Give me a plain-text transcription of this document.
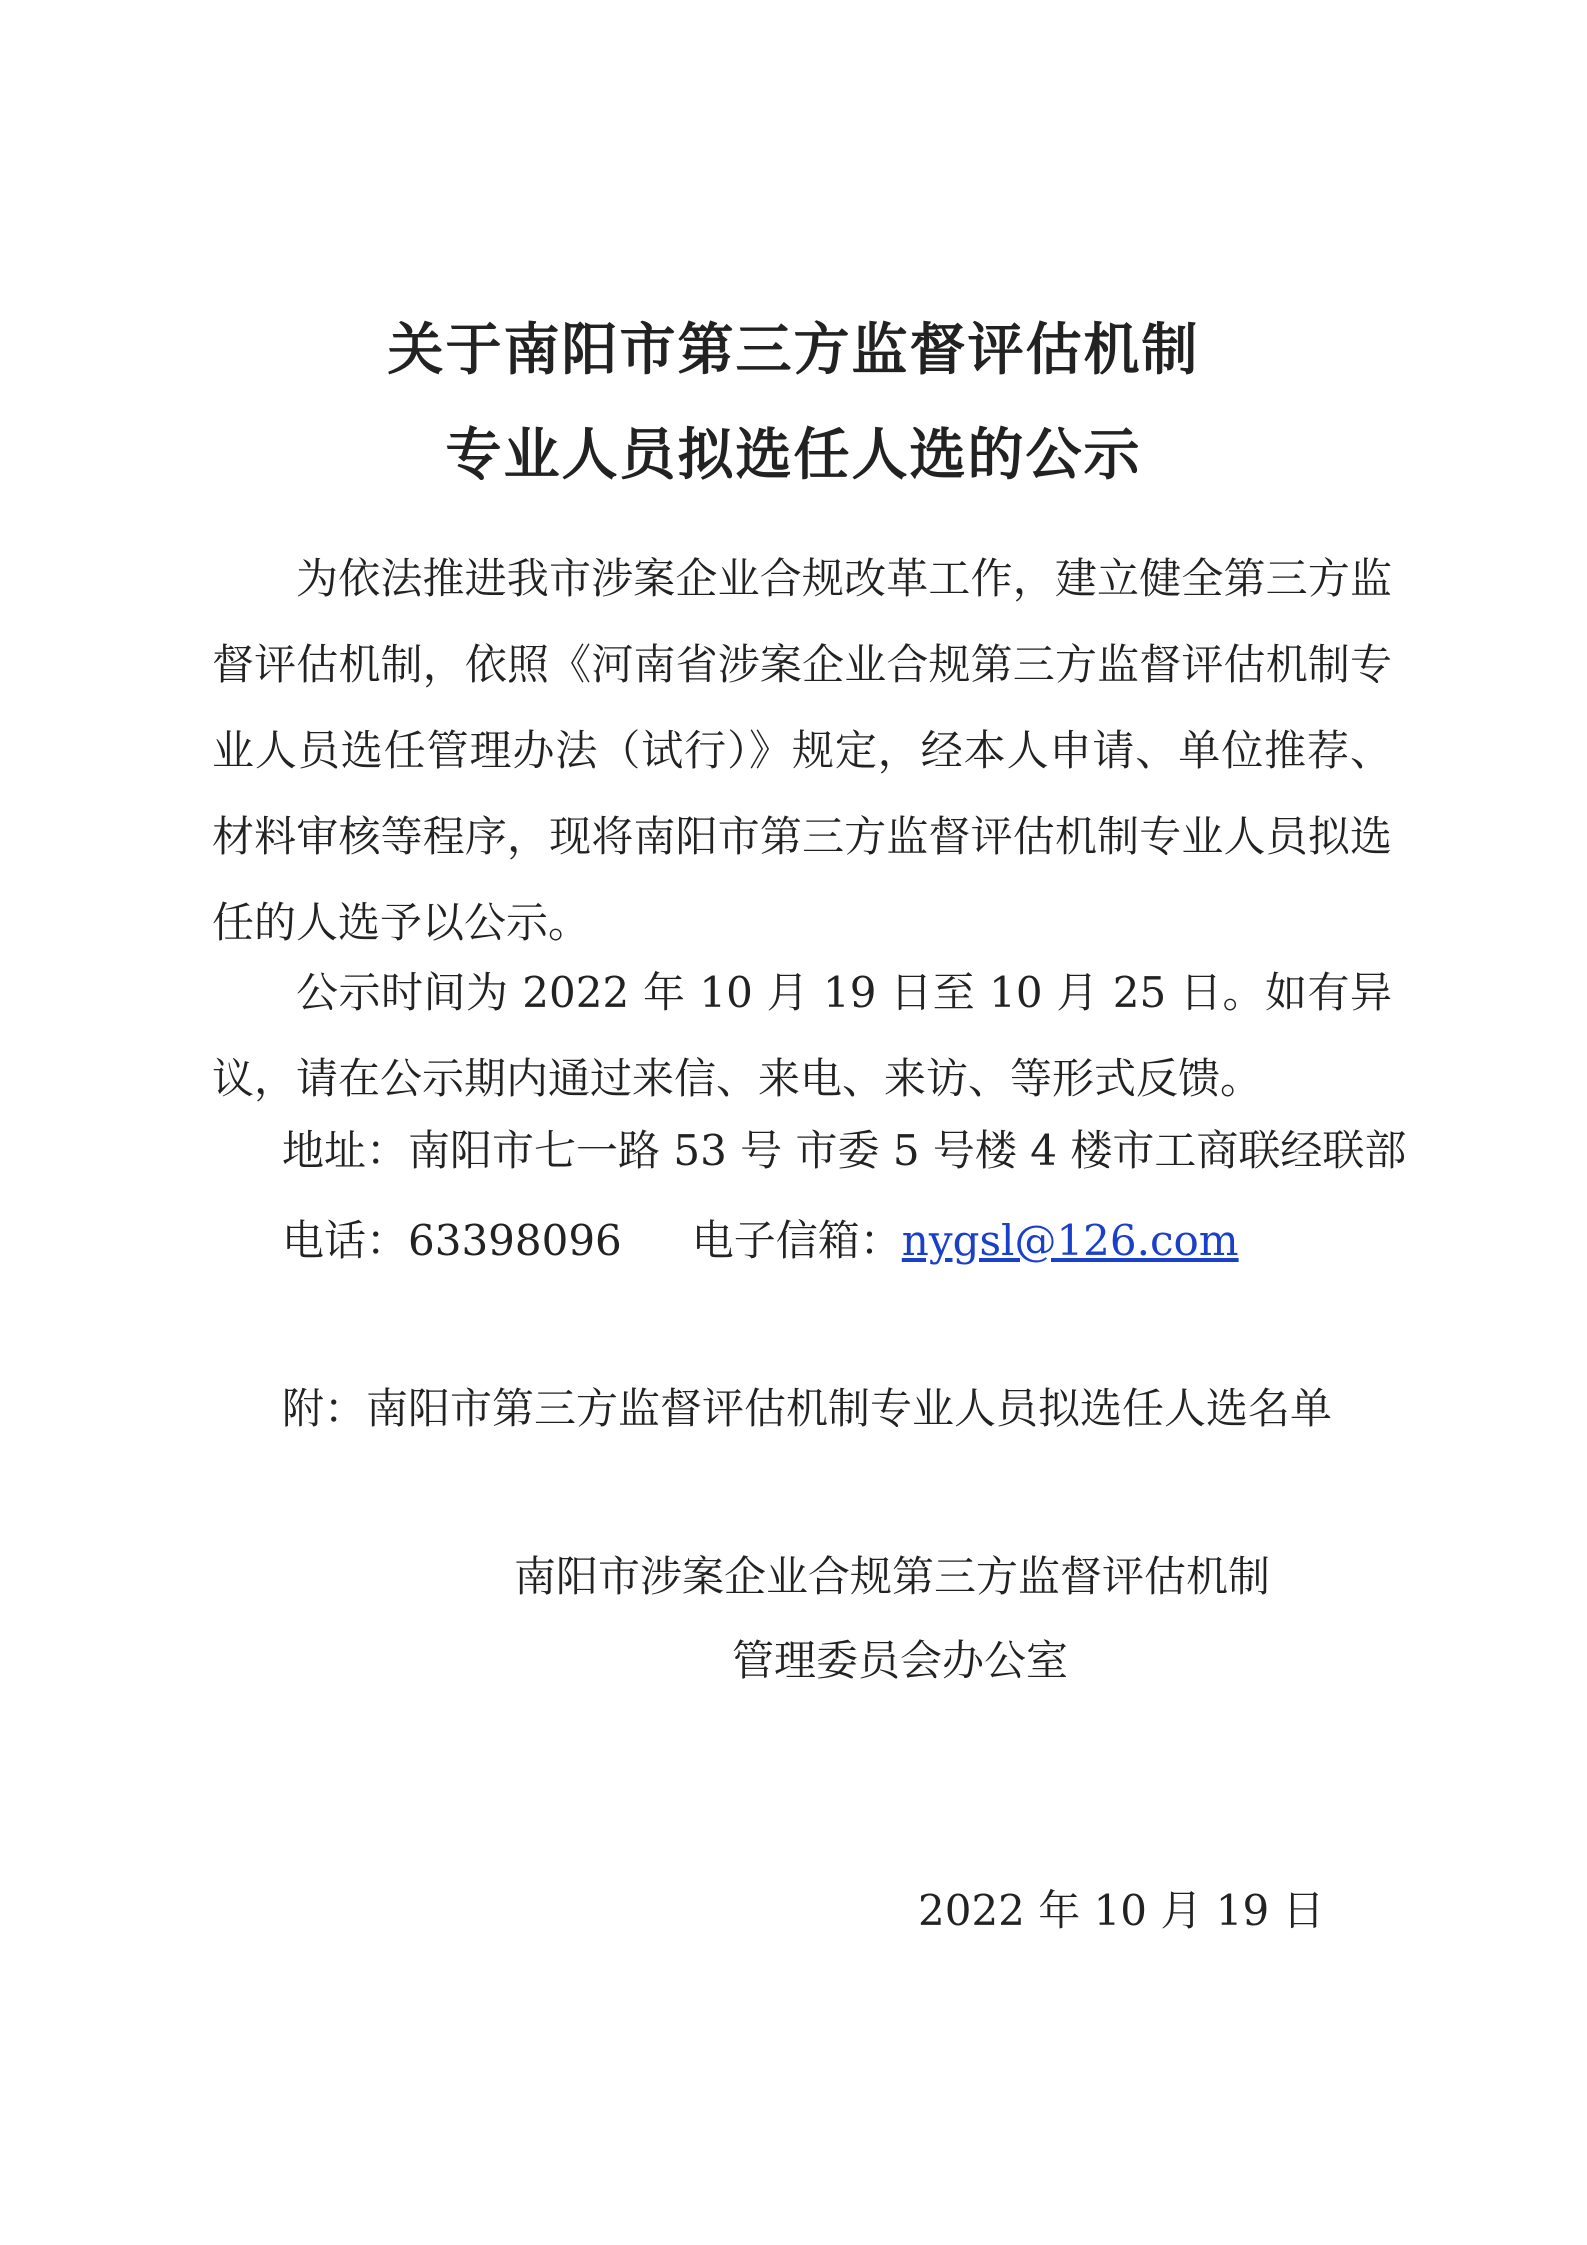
关于南阳市第三方监督评估机制
专业人员拟选任人选的公示

为依法推进我市涉案企业合规改革工作，建立健全第三方监督评估机制，依照《河南省涉案企业合规第三方监督评估机制专业人员选任管理办法（试行）》规定，经本人申请、单位推荐、材料审核等程序，现将南阳市第三方监督评估机制专业人员拟选任的人选予以公示。

公示时间为 2022 年 10 月 19 日至 10 月 25 日。如有异议，请在公示期内通过来信、来电、来访、等形式反馈。

地址：南阳市七一路 53 号 市委 5 号楼 4 楼市工商联经联部
电话：63398096 电子信箱：nygsl@126.com
附：南阳市第三方监督评估机制专业人员拟选任人选名单
南阳市涉案企业合规第三方监督评估机制
管理委员会办公室
2022 年 10 月 19 日
